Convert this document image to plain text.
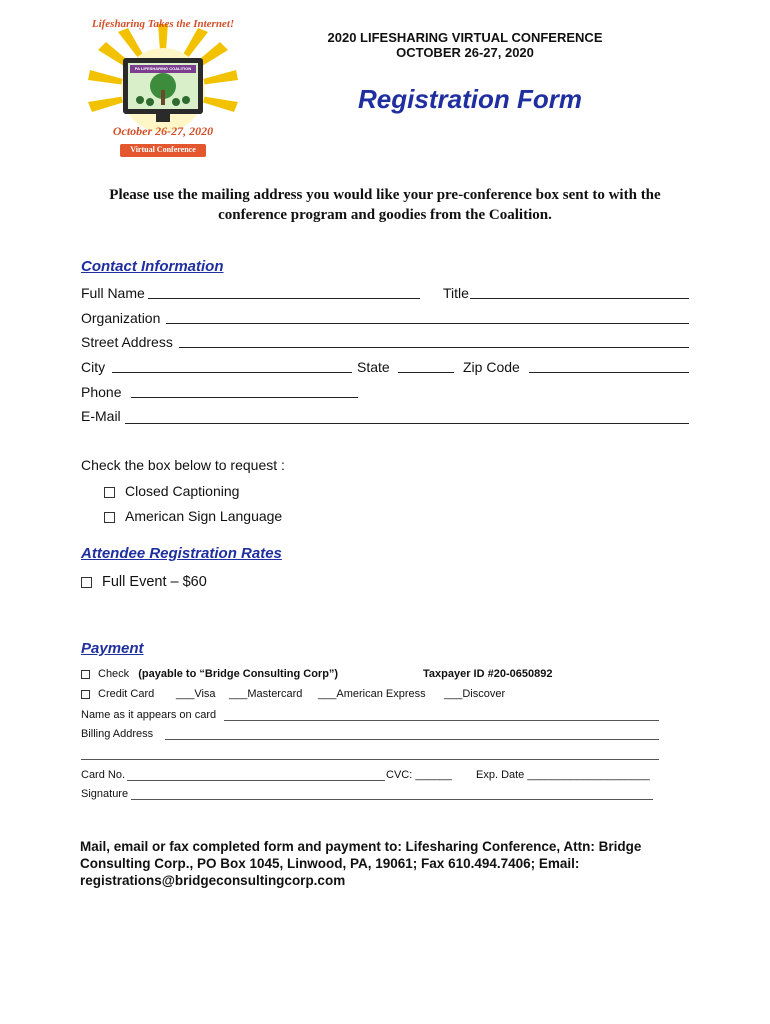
Lifesharing Takes the Internet!
PA LIFESHARING COALITION
October 26-27, 2020
Virtual Conference
2020 LIFESHARING VIRTUAL CONFERENCE
OCTOBER 26-27, 2020
Registration Form
Please use the mailing address you would like your pre-conference box sent to with the conference program and goodies from the Coalition.
Contact Information
Full Name	Title
Organization
Street Address
City	State	Zip Code
Phone
E-Mail
Check the box below to request :
Closed Captioning
American Sign Language
Attendee Registration Rates
Full Event – $60
Payment
Check (payable to “Bridge Consulting Corp”)	Taxpayer ID #20-0650892
Credit Card ___Visa ___Mastercard ___American Express ___Discover
Name as it appears on card
Billing Address
Card No.	CVC: ______ Exp. Date ____________________
Signature
Mail, email or fax completed form and payment to: Lifesharing Conference, Attn: Bridge Consulting Corp., PO Box 1045, Linwood, PA, 19061; Fax 610.494.7406; Email: registrations@bridgeconsultingcorp.com
